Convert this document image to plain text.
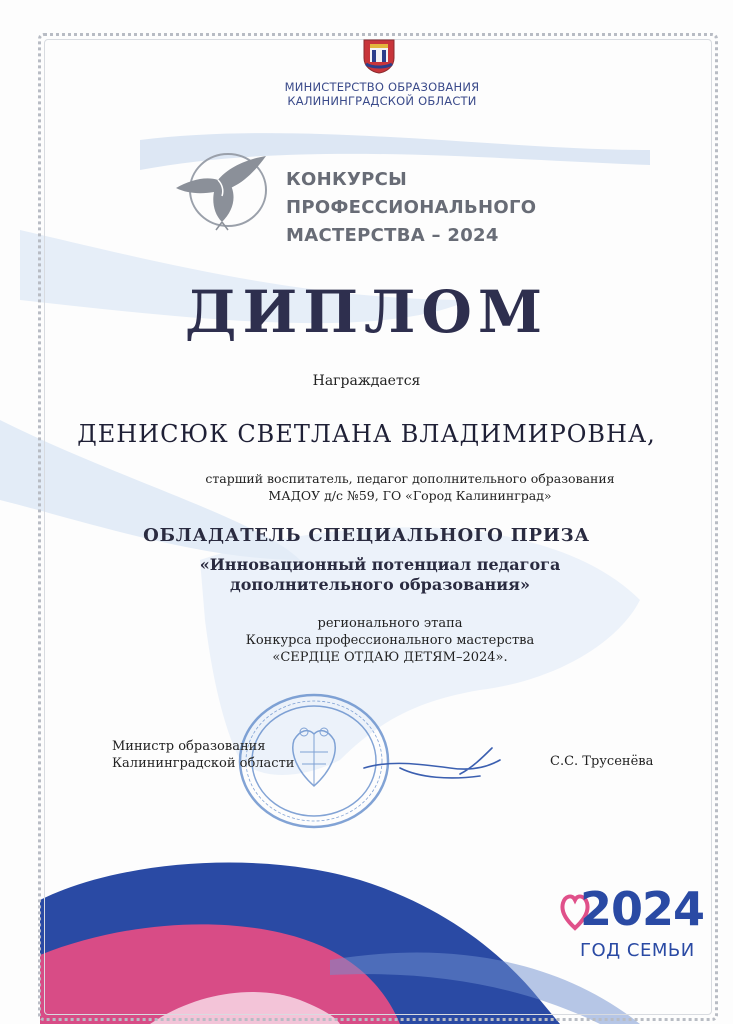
МИНИСТЕРСТВО ОБРАЗОВАНИЯ
КАЛИНИНГРАДСКОЙ ОБЛАСТИ
КОНКУРСЫ ПРОФЕССИОНАЛЬНОГО
МАСТЕРСТВА – 2024
ДИПЛОМ
Награждается
ДЕНИСЮК СВЕТЛАНА ВЛАДИМИРОВНА,
старший воспитатель, педагог дополнительного образования
МАДОУ д/с №59, ГО «Город Калининград»
ОБЛАДАТЕЛЬ СПЕЦИАЛЬНОГО ПРИЗА
«Инновационный потенциал педагога
дополнительного образования»
регионального этапа
Конкурса профессионального мастерства
«СЕРДЦЕ ОТДАЮ ДЕТЯМ–2024».
Министр образования
Калининградской области	С.С. Трусенёва
2024
ГОД СЕМЬИ
